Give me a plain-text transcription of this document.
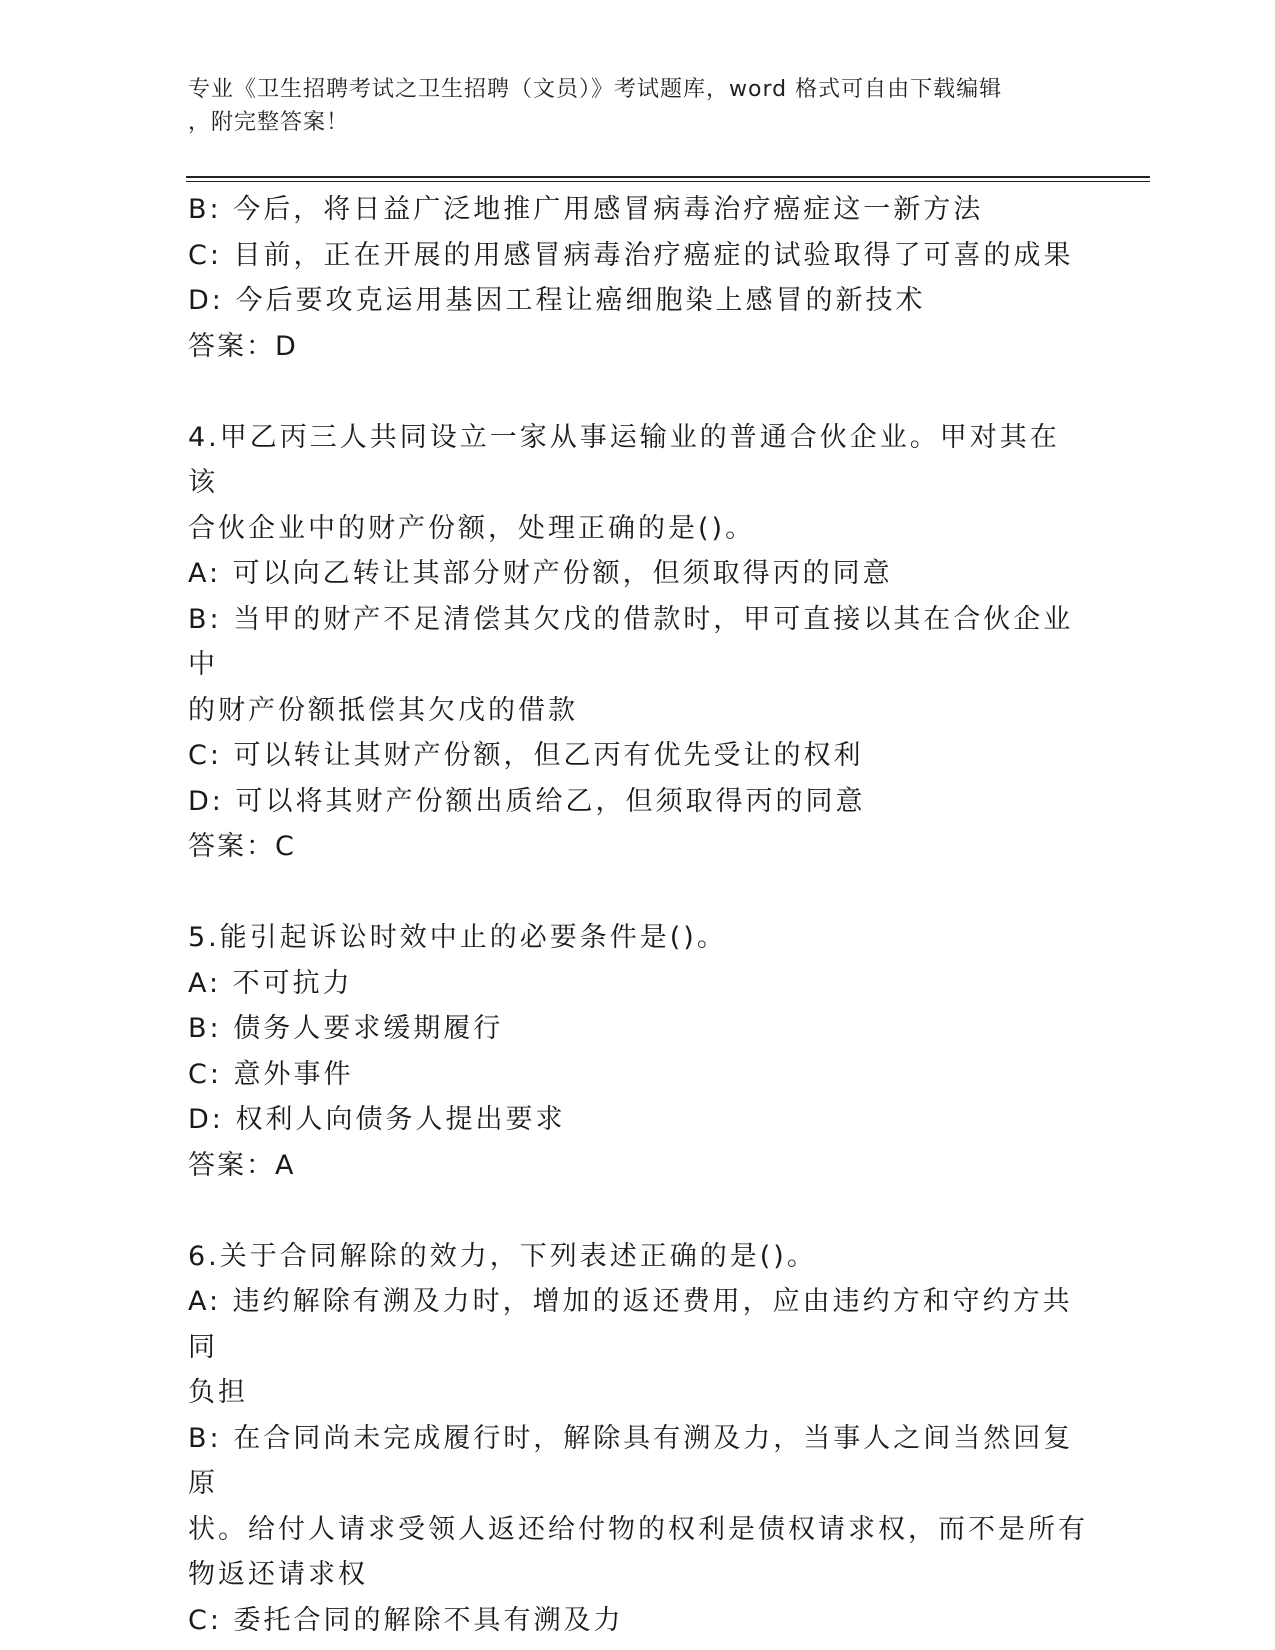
专业《卫生招聘考试之卫生招聘（文员）》考试题库，word 格式可自由下载编辑
，附完整答案！
B: 今后，将日益广泛地推广用感冒病毒治疗癌症这一新方法
C: 目前，正在开展的用感冒病毒治疗癌症的试验取得了可喜的成果
D: 今后要攻克运用基因工程让癌细胞染上感冒的新技术
答案：D
4.甲乙丙三人共同设立一家从事运输业的普通合伙企业。甲对其在该
合伙企业中的财产份额，处理正确的是()。
A: 可以向乙转让其部分财产份额，但须取得丙的同意
B: 当甲的财产不足清偿其欠戊的借款时，甲可直接以其在合伙企业中
的财产份额抵偿其欠戊的借款
C: 可以转让其财产份额，但乙丙有优先受让的权利
D: 可以将其财产份额出质给乙，但须取得丙的同意
答案：C
5.能引起诉讼时效中止的必要条件是()。
A: 不可抗力
B: 债务人要求缓期履行
C: 意外事件
D: 权利人向债务人提出要求
答案：A
6.关于合同解除的效力，下列表述正确的是()。
A: 违约解除有溯及力时，增加的返还费用，应由违约方和守约方共同
负担
B: 在合同尚未完成履行时，解除具有溯及力，当事人之间当然回复原
状。给付人请求受领人返还给付物的权利是债权请求权，而不是所有
物返还请求权
C: 委托合同的解除不具有溯及力
